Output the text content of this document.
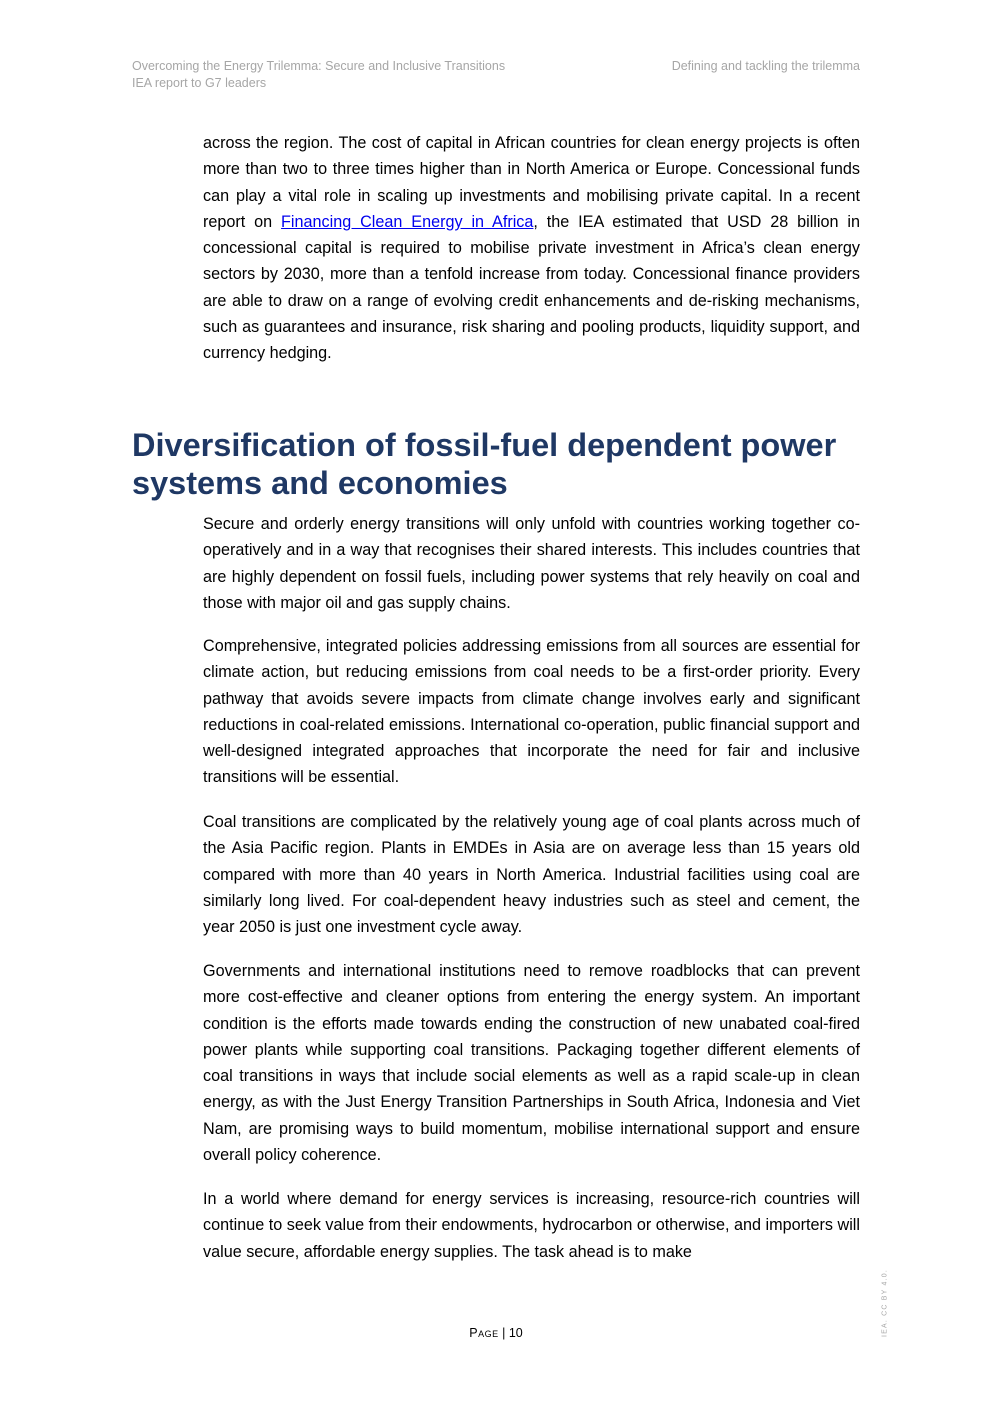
Overcoming the Energy Trilemma: Secure and Inclusive Transitions
IEA report to G7 leaders
Defining and tackling the trilemma

across the region. The cost of capital in African countries for clean energy projects is often more than two to three times higher than in North America or Europe. Concessional funds can play a vital role in scaling up investments and mobilising private capital. In a recent report on Financing Clean Energy in Africa, the IEA estimated that USD 28 billion in concessional capital is required to mobilise private investment in Africa’s clean energy sectors by 2030, more than a tenfold increase from today. Concessional finance providers are able to draw on a range of evolving credit enhancements and de-risking mechanisms, such as guarantees and insurance, risk sharing and pooling products, liquidity support, and currency hedging.

Diversification of fossil-fuel dependent power systems and economies

Secure and orderly energy transitions will only unfold with countries working together co-operatively and in a way that recognises their shared interests. This includes countries that are highly dependent on fossil fuels, including power systems that rely heavily on coal and those with major oil and gas supply chains.

Comprehensive, integrated policies addressing emissions from all sources are essential for climate action, but reducing emissions from coal needs to be a first-order priority. Every pathway that avoids severe impacts from climate change involves early and significant reductions in coal-related emissions. International co-operation, public financial support and well-designed integrated approaches that incorporate the need for fair and inclusive transitions will be essential.

Coal transitions are complicated by the relatively young age of coal plants across much of the Asia Pacific region. Plants in EMDEs in Asia are on average less than 15 years old compared with more than 40 years in North America. Industrial facilities using coal are similarly long lived. For coal-dependent heavy industries such as steel and cement, the year 2050 is just one investment cycle away.

Governments and international institutions need to remove roadblocks that can prevent more cost-effective and cleaner options from entering the energy system. An important condition is the efforts made towards ending the construction of new unabated coal-fired power plants while supporting coal transitions. Packaging together different elements of coal transitions in ways that include social elements as well as a rapid scale-up in clean energy, as with the Just Energy Transition Partnerships in South Africa, Indonesia and Viet Nam, are promising ways to build momentum, mobilise international support and ensure overall policy coherence.

In a world where demand for energy services is increasing, resource-rich countries will continue to seek value from their endowments, hydrocarbon or otherwise, and importers will value secure, affordable energy supplies. The task ahead is to make

Page | 10	IEA. CC BY 4.0.
